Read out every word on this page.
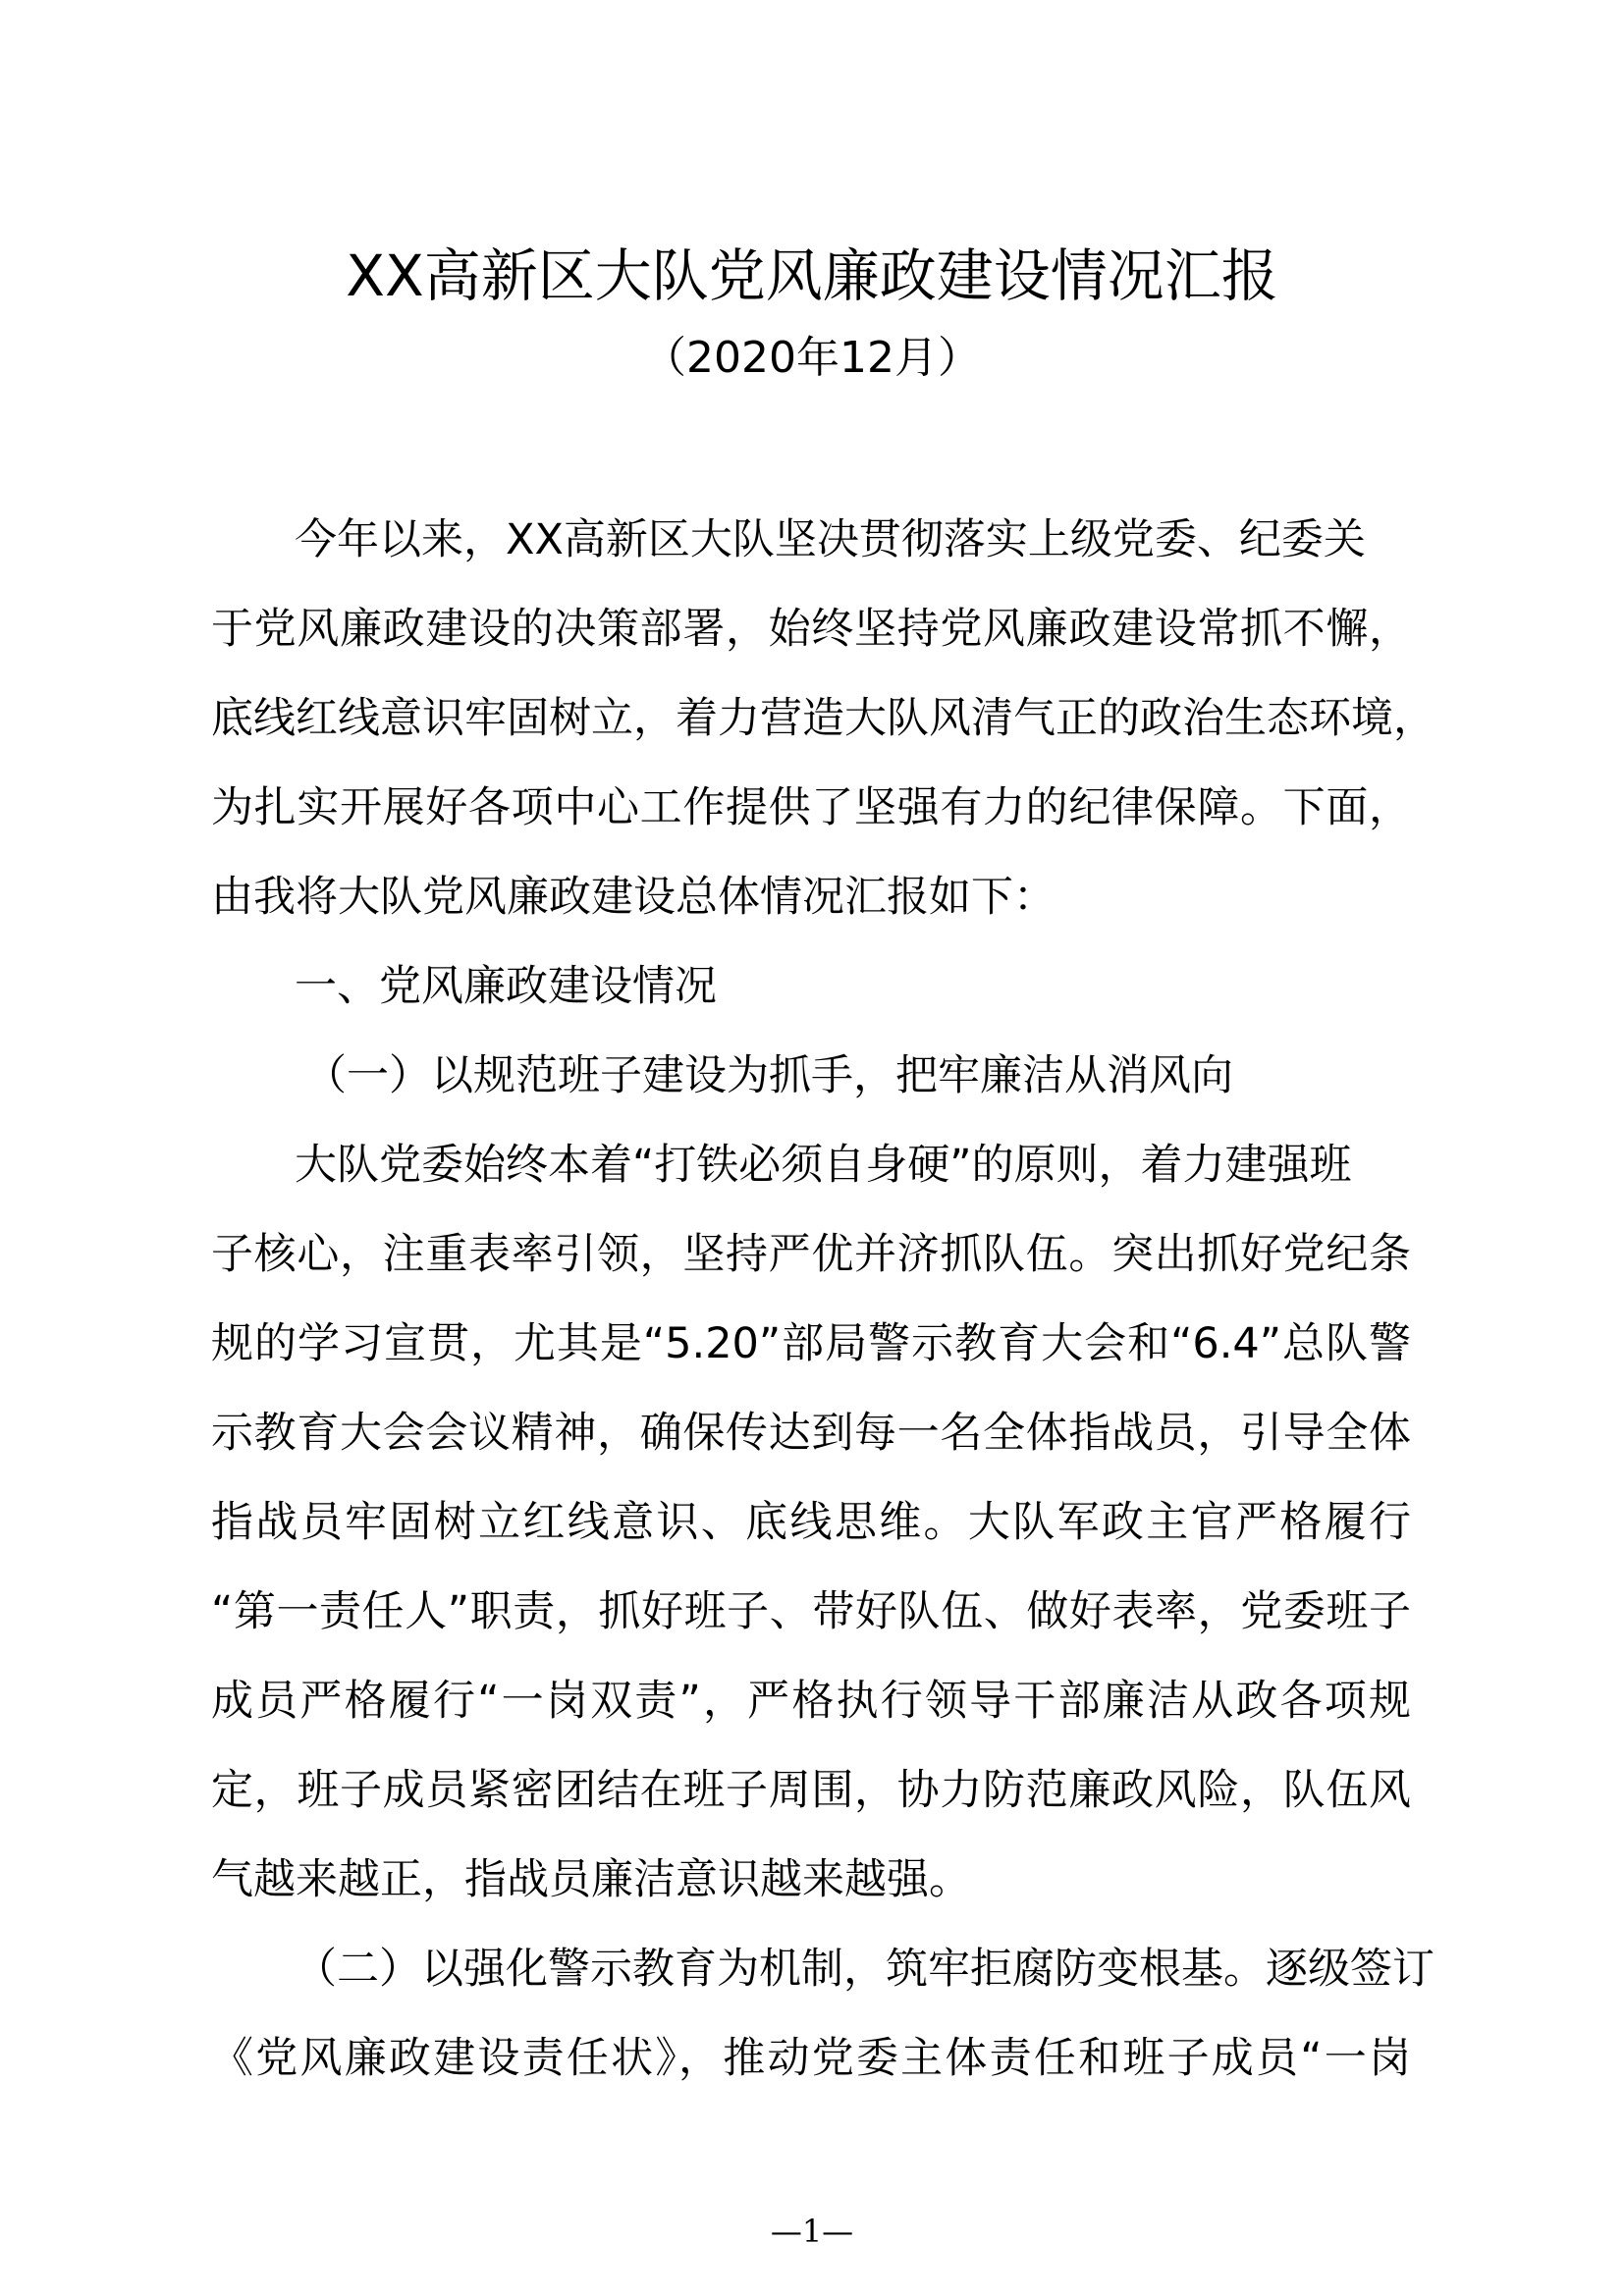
XX高新区大队党风廉政建设情况汇报
（2020年12月）
今年以来，XX高新区大队坚决贯彻落实上级党委、纪委关
于党风廉政建设的决策部署，始终坚持党风廉政建设常抓不懈，
底线红线意识牢固树立，着力营造大队风清气正的政治生态环境，
为扎实开展好各项中心工作提供了坚强有力的纪律保障。下面，
由我将大队党风廉政建设总体情况汇报如下：
一、党风廉政建设情况
（一）以规范班子建设为抓手，把牢廉洁从消风向
大队党委始终本着“打铁必须自身硬”的原则，着力建强班
子核心，注重表率引领，坚持严优并济抓队伍。突出抓好党纪条
规的学习宣贯，尤其是“5.20”部局警示教育大会和“6.4”总队警
示教育大会会议精神，确保传达到每一名全体指战员，引导全体
指战员牢固树立红线意识、底线思维。大队军政主官严格履行
“第一责任人”职责，抓好班子、带好队伍、做好表率，党委班子
成员严格履行“一岗双责”，严格执行领导干部廉洁从政各项规
定，班子成员紧密团结在班子周围，协力防范廉政风险，队伍风
气越来越正，指战员廉洁意识越来越强。
（二）以强化警示教育为机制，筑牢拒腐防变根基。逐级签订
《党风廉政建设责任状》，推动党委主体责任和班子成员“一岗
—1—
